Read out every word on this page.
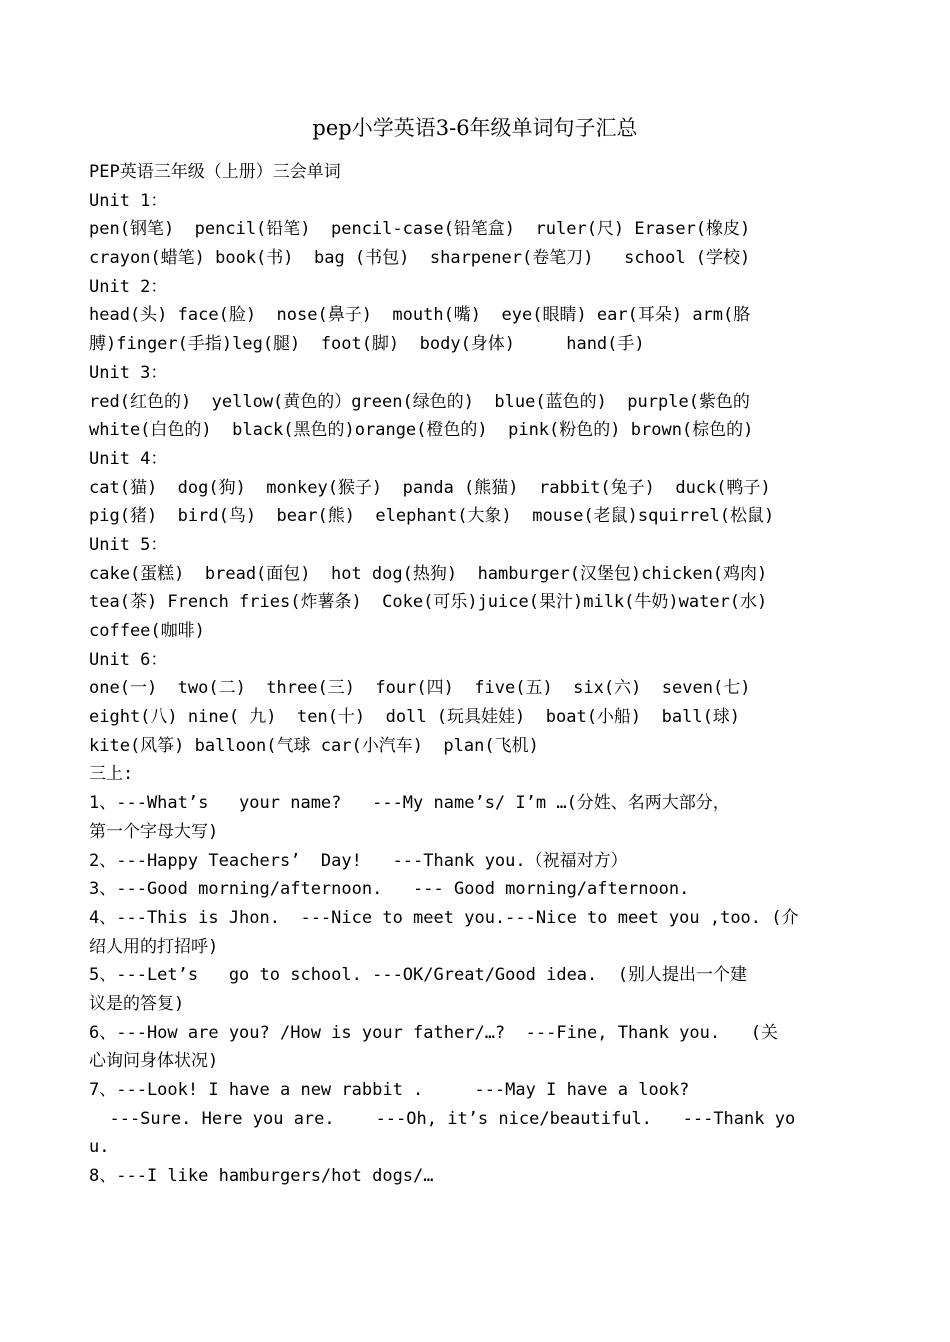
pep小学英语3-6年级单词句子汇总
PEP英语三年级（上册）三会单词
Unit 1：
pen(钢笔)  pencil(铅笔)  pencil-case(铅笔盒)  ruler(尺) Eraser(橡皮)
crayon(蜡笔) book(书)  bag (书包)  sharpener(卷笔刀)   school (学校)
Unit 2：
head(头) face(脸)  nose(鼻子)  mouth(嘴)  eye(眼睛) ear(耳朵) arm(胳
膊)finger(手指)leg(腿)  foot(脚)  body(身体)     hand(手)
Unit 3：
red(红色的)  yellow(黄色的）green(绿色的)  blue(蓝色的)  purple(紫色的
white(白色的)  black(黑色的)orange(橙色的)  pink(粉色的) brown(棕色的)
Unit 4：
cat(猫)  dog(狗)  monkey(猴子)  panda (熊猫)  rabbit(兔子)  duck(鸭子)
pig(猪)  bird(鸟)  bear(熊)  elephant(大象)  mouse(老鼠)squirrel(松鼠)
Unit 5：
cake(蛋糕)  bread(面包)  hot dog(热狗)  hamburger(汉堡包)chicken(鸡肉)
tea(茶) French fries(炸薯条)  Coke(可乐)juice(果汁)milk(牛奶)water(水)
coffee(咖啡)
Unit 6：
one(一)  two(二)  three(三)  four(四)  five(五)  six(六)  seven(七)
eight(八) nine( 九)  ten(十)  doll (玩具娃娃)  boat(小船)  ball(球)
kite(风筝) balloon(气球 car(小汽车)  plan(飞机)
三上:
1、---What’s   your name?   ---My name’s/ I’m …(分姓、名两大部分，
第一个字母大写)
2、---Happy Teachers’  Day!   ---Thank you.（祝福对方）
3、---Good morning/afternoon.   --- Good morning/afternoon.
4、---This is Jhon.  ---Nice to meet you.---Nice to meet you ,too. (介
绍人用的打招呼)
5、---Let’s   go to school. ---OK/Great/Good idea.  (别人提出一个建
议是的答复)
6、---How are you? /How is your father/…?  ---Fine, Thank you.   (关
心询问身体状况)
7、---Look! I have a new rabbit .     ---May I have a look?
---Sure. Here you are.    ---Oh, it’s nice/beautiful.   ---Thank yo
u.
8、---I like hamburgers/hot dogs/…
